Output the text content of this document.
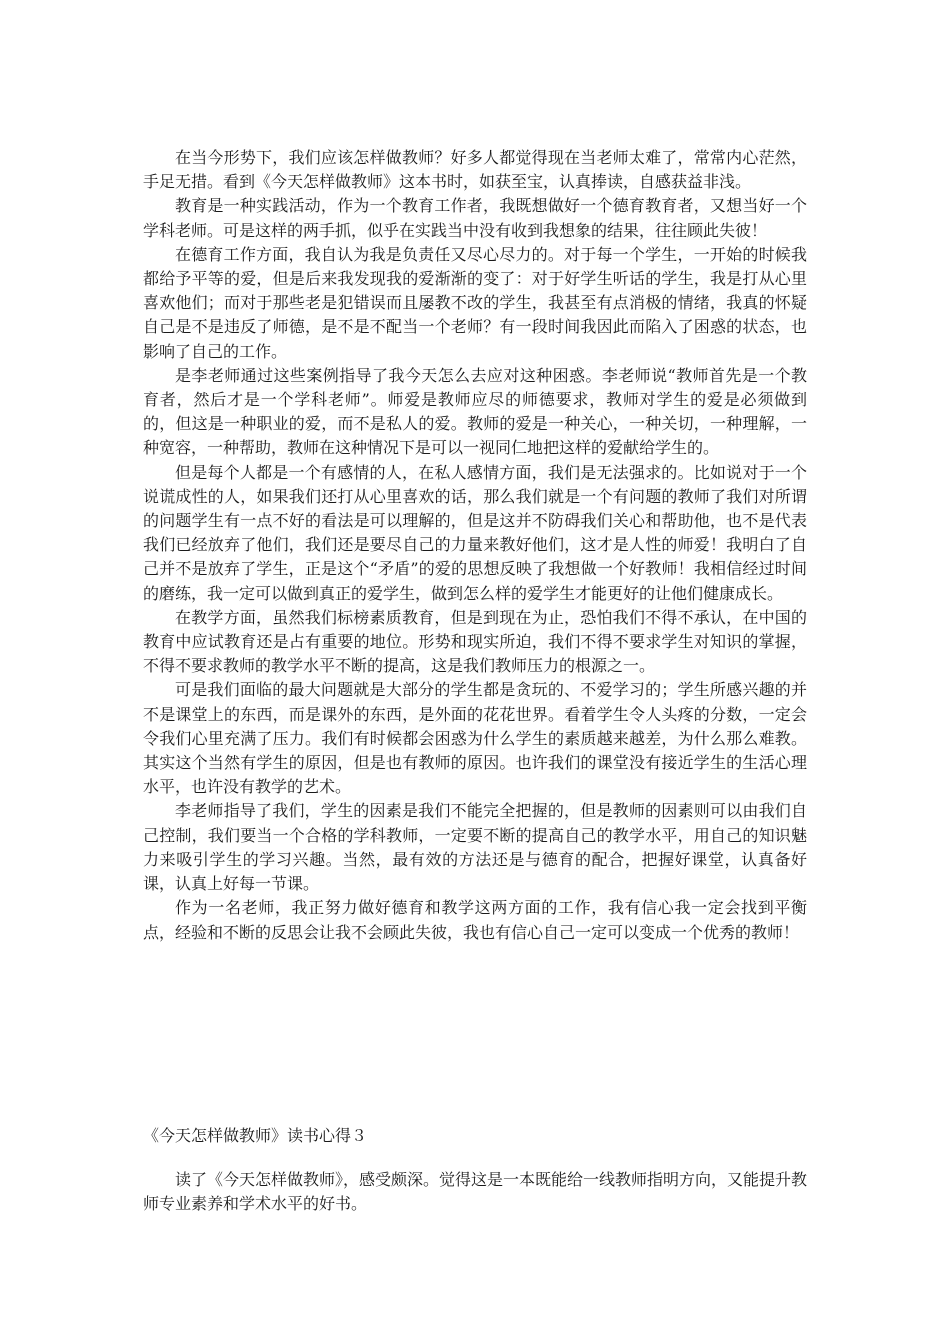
在当今形势下，我们应该怎样做教师？好多人都觉得现在当老师太难了，常常内心茫然，手足无措。看到《今天怎样做教师》这本书时，如获至宝，认真捧读，自感获益非浅。

教育是一种实践活动，作为一个教育工作者，我既想做好一个德育教育者，又想当好一个学科老师。可是这样的两手抓，似乎在实践当中没有收到我想象的结果，往往顾此失彼！

在德育工作方面，我自认为我是负责任又尽心尽力的。对于每一个学生，一开始的时候我都给予平等的爱，但是后来我发现我的爱渐渐的变了：对于好学生听话的学生，我是打从心里喜欢他们；而对于那些老是犯错误而且屡教不改的学生，我甚至有点消极的情绪，我真的怀疑自己是不是违反了师德，是不是不配当一个老师？有一段时间我因此而陷入了困惑的状态，也影响了自己的工作。

是李老师通过这些案例指导了我今天怎么去应对这种困惑。李老师说“教师首先是一个教育者，然后才是一个学科老师”。师爱是教师应尽的师德要求，教师对学生的爱是必须做到的，但这是一种职业的爱，而不是私人的爱。教师的爱是一种关心，一种关切，一种理解，一种宽容，一种帮助，教师在这种情况下是可以一视同仁地把这样的爱献给学生的。

但是每个人都是一个有感情的人，在私人感情方面，我们是无法强求的。比如说对于一个说谎成性的人，如果我们还打从心里喜欢的话，那么我们就是一个有问题的教师了我们对所谓的问题学生有一点不好的看法是可以理解的，但是这并不防碍我们关心和帮助他，也不是代表我们已经放弃了他们，我们还是要尽自己的力量来教好他们，这才是人性的师爱！我明白了自己并不是放弃了学生，正是这个“矛盾”的爱的思想反映了我想做一个好教师！我相信经过时间的磨练，我一定可以做到真正的爱学生，做到怎么样的爱学生才能更好的让他们健康成长。

在教学方面，虽然我们标榜素质教育，但是到现在为止，恐怕我们不得不承认，在中国的教育中应试教育还是占有重要的地位。形势和现实所迫，我们不得不要求学生对知识的掌握，不得不要求教师的教学水平不断的提高，这是我们教师压力的根源之一。

可是我们面临的最大问题就是大部分的学生都是贪玩的、不爱学习的；学生所感兴趣的并不是课堂上的东西，而是课外的东西，是外面的花花世界。看着学生令人头疼的分数，一定会令我们心里充满了压力。我们有时候都会困惑为什么学生的素质越来越差，为什么那么难教。其实这个当然有学生的原因，但是也有教师的原因。也许我们的课堂没有接近学生的生活心理水平，也许没有教学的艺术。

李老师指导了我们，学生的因素是我们不能完全把握的，但是教师的因素则可以由我们自己控制，我们要当一个合格的学科教师，一定要不断的提高自己的教学水平，用自己的知识魅力来吸引学生的学习兴趣。当然，最有效的方法还是与德育的配合，把握好课堂，认真备好课，认真上好每一节课。

作为一名老师，我正努力做好德育和教学这两方面的工作，我有信心我一定会找到平衡点，经验和不断的反思会让我不会顾此失彼，我也有信心自己一定可以变成一个优秀的教师！

《今天怎样做教师》读书心得３

读了《今天怎样做教师》，感受颇深。觉得这是一本既能给一线教师指明方向，又能提升教师专业素养和学术水平的好书。
